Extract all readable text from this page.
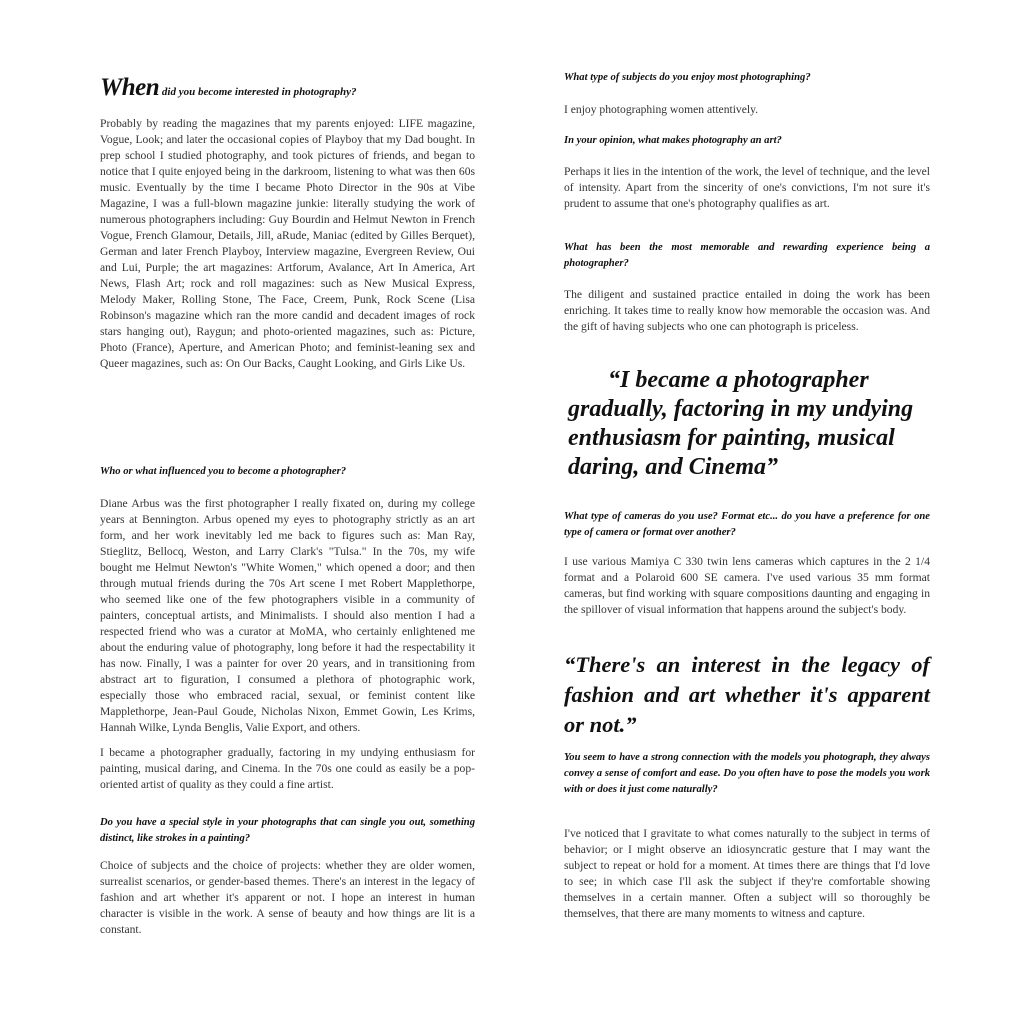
When did you become interested in photography?

Probably by reading the magazines that my parents enjoyed: LIFE magazine, Vogue, Look; and later the occasional copies of Playboy that my Dad bought. In prep school I studied photography, and took pictures of friends, and began to notice that I quite enjoyed being in the darkroom, listening to what was then 60s music. Eventually by the time I became Photo Director in the 90s at Vibe Magazine, I was a full-blown magazine junkie: literally studying the work of numerous photographers including: Guy Bourdin and Helmut Newton in French Vogue, French Glamour, Details, Jill, aRude, Maniac (edited by Gilles Berquet), German and later French Playboy, Interview magazine, Evergreen Review, Oui and Lui, Purple; the art magazines: Artforum, Avalance, Art In America, Art News, Flash Art; rock and roll magazines: such as New Musical Express, Melody Maker, Rolling Stone, The Face, Creem, Punk, Rock Scene (Lisa Robinson's magazine which ran the more candid and decadent images of rock stars hanging out), Raygun; and photo-oriented magazines, such as: Picture, Photo (France), Aperture, and American Photo; and feminist-leaning sex and Queer magazines, such as: On Our Backs, Caught Looking, and Girls Like Us.

Who or what influenced you to become a photographer?

Diane Arbus was the first photographer I really fixated on, during my college years at Bennington. Arbus opened my eyes to photography strictly as an art form, and her work inevitably led me back to figures such as: Man Ray, Stieglitz, Bellocq, Weston, and Larry Clark's "Tulsa." In the 70s, my wife bought me Helmut Newton's "White Women," which opened a door; and then through mutual friends during the 70s Art scene I met Robert Mapplethorpe, who seemed like one of the few photographers visible in a community of painters, conceptual artists, and Minimalists. I should also mention I had a respected friend who was a curator at MoMA, who certainly enlightened me about the enduring value of photography, long before it had the respectability it has now. Finally, I was a painter for over 20 years, and in transitioning from abstract art to figuration, I consumed a plethora of photographic work, especially those who embraced racial, sexual, or feminist content like Mapplethorpe, Jean-Paul Goude, Nicholas Nixon, Emmet Gowin, Les Krims, Hannah Wilke, Lynda Benglis, Valie Export, and others.

I became a photographer gradually, factoring in my undying enthusiasm for painting, musical daring, and Cinema. In the 70s one could as easily be a pop-oriented artist of quality as they could a fine artist.

Do you have a special style in your photographs that can single you out, something distinct, like strokes in a painting?

Choice of subjects and the choice of projects: whether they are older women, surrealist scenarios, or gender-based themes. There's an interest in the legacy of fashion and art whether it's apparent or not. I hope an interest in human character is visible in the work. A sense of beauty and how things are lit is a constant.

What type of subjects do you enjoy most photographing?

I enjoy photographing women attentively.

In your opinion, what makes photography an art?

Perhaps it lies in the intention of the work, the level of technique, and the level of intensity. Apart from the sincerity of one's convictions, I'm not sure it's prudent to assume that one's photography qualifies as art.

What has been the most memorable and rewarding experience being a photographer?

The diligent and sustained practice entailed in doing the work has been enriching. It takes time to really know how memorable the occasion was. And the gift of having subjects who one can photograph is priceless.

“I became a photographer gradually, factoring in my undying enthusiasm for painting, musical daring, and Cinema”

What type of cameras do you use? Format etc... do you have a preference for one type of camera or format over another?

I use various Mamiya C 330 twin lens cameras which captures in the 2 1/4 format and a Polaroid 600 SE camera. I've used various 35 mm format cameras, but find working with square compositions daunting and engaging in the spillover of visual information that happens around the subject's body.

“There's an interest in the legacy of fashion and art whether it's apparent or not.”

You seem to have a strong connection with the models you photograph, they always convey a sense of comfort and ease. Do you often have to pose the models you work with or does it just come naturally?

I've noticed that I gravitate to what comes naturally to the subject in terms of behavior; or I might observe an idiosyncratic gesture that I may want the subject to repeat or hold for a moment. At times there are things that I'd love to see; in which case I'll ask the subject if they're comfortable showing themselves in a certain manner. Often a subject will so thoroughly be themselves, that there are many moments to witness and capture.
